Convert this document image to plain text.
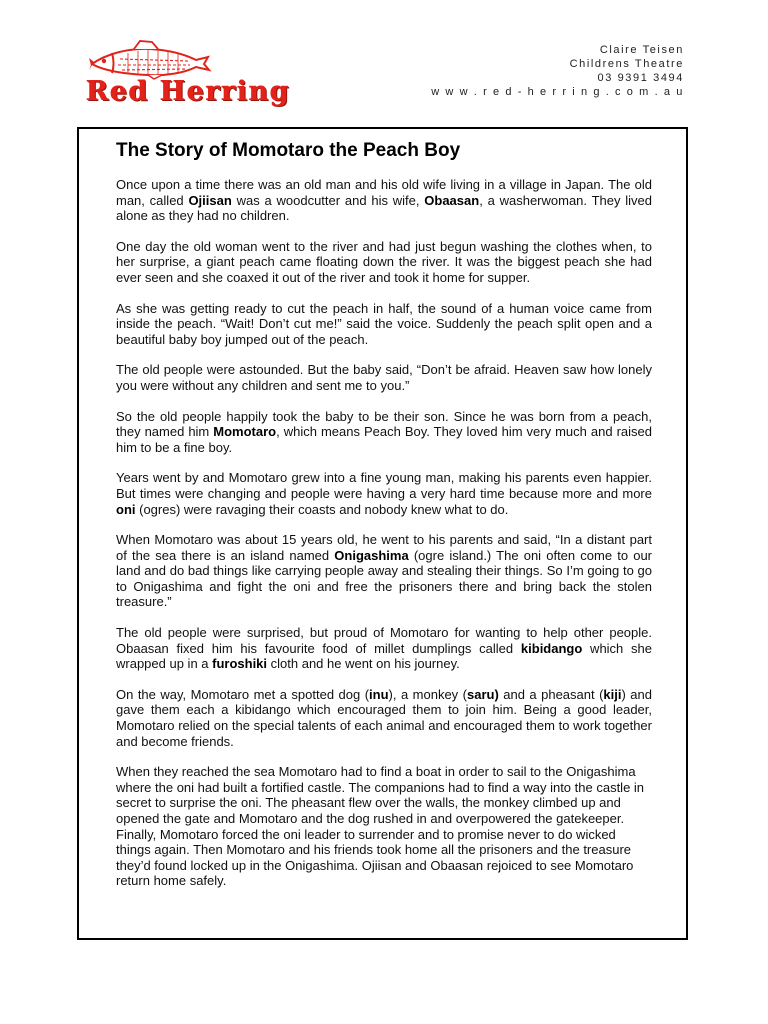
Red Herring
Claire Teisen
Childrens Theatre
03 9391 3494
w w w . r e d - h e r r i n g . c o m . a u
The Story of Momotaro the Peach Boy

Once upon a time there was an old man and his old wife living in a village in Japan. The old man, called Ojiisan was a woodcutter and his wife, Obaasan, a washerwoman. They lived alone as they had no children.

One day the old woman went to the river and had just begun washing the clothes when, to her surprise, a giant peach came floating down the river. It was the biggest peach she had ever seen and she coaxed it out of the river and took it home for supper.

As she was getting ready to cut the peach in half, the sound of a human voice came from inside the peach. “Wait! Don’t cut me!” said the voice. Suddenly the peach split open and a beautiful baby boy jumped out of the peach.

The old people were astounded. But the baby said, “Don’t be afraid. Heaven saw how lonely you were without any children and sent me to you.”

So the old people happily took the baby to be their son. Since he was born from a peach, they named him Momotaro, which means Peach Boy. They loved him very much and raised him to be a fine boy.

Years went by and Momotaro grew into a fine young man, making his parents even happier. But times were changing and people were having a very hard time because more and more oni (ogres) were ravaging their coasts and nobody knew what to do.

When Momotaro was about 15 years old, he went to his parents and said, “In a distant part of the sea there is an island named Onigashima (ogre island.) The oni often come to our land and do bad things like carrying people away and stealing their things. So I’m going to go to Onigashima and fight the oni and free the prisoners there and bring back the stolen treasure.”

The old people were surprised, but proud of Momotaro for wanting to help other people. Obaasan fixed him his favourite food of millet dumplings called kibidango which she wrapped up in a furoshiki cloth and he went on his journey.

On the way, Momotaro met a spotted dog (inu), a monkey (saru) and a pheasant (kiji) and gave them each a kibidango which encouraged them to join him. Being a good leader, Momotaro relied on the special talents of each animal and encouraged them to work together and become friends.

When they reached the sea Momotaro had to find a boat in order to sail to the Onigashima where the oni had built a fortified castle. The companions had to find a way into the castle in secret to surprise the oni. The pheasant flew over the walls, the monkey climbed up and opened the gate and Momotaro and the dog rushed in and overpowered the gatekeeper. Finally, Momotaro forced the oni leader to surrender and to promise never to do wicked things again. Then Momotaro and his friends took home all the prisoners and the treasure they’d found locked up in the Onigashima. Ojiisan and Obaasan rejoiced to see Momotaro return home safely.
